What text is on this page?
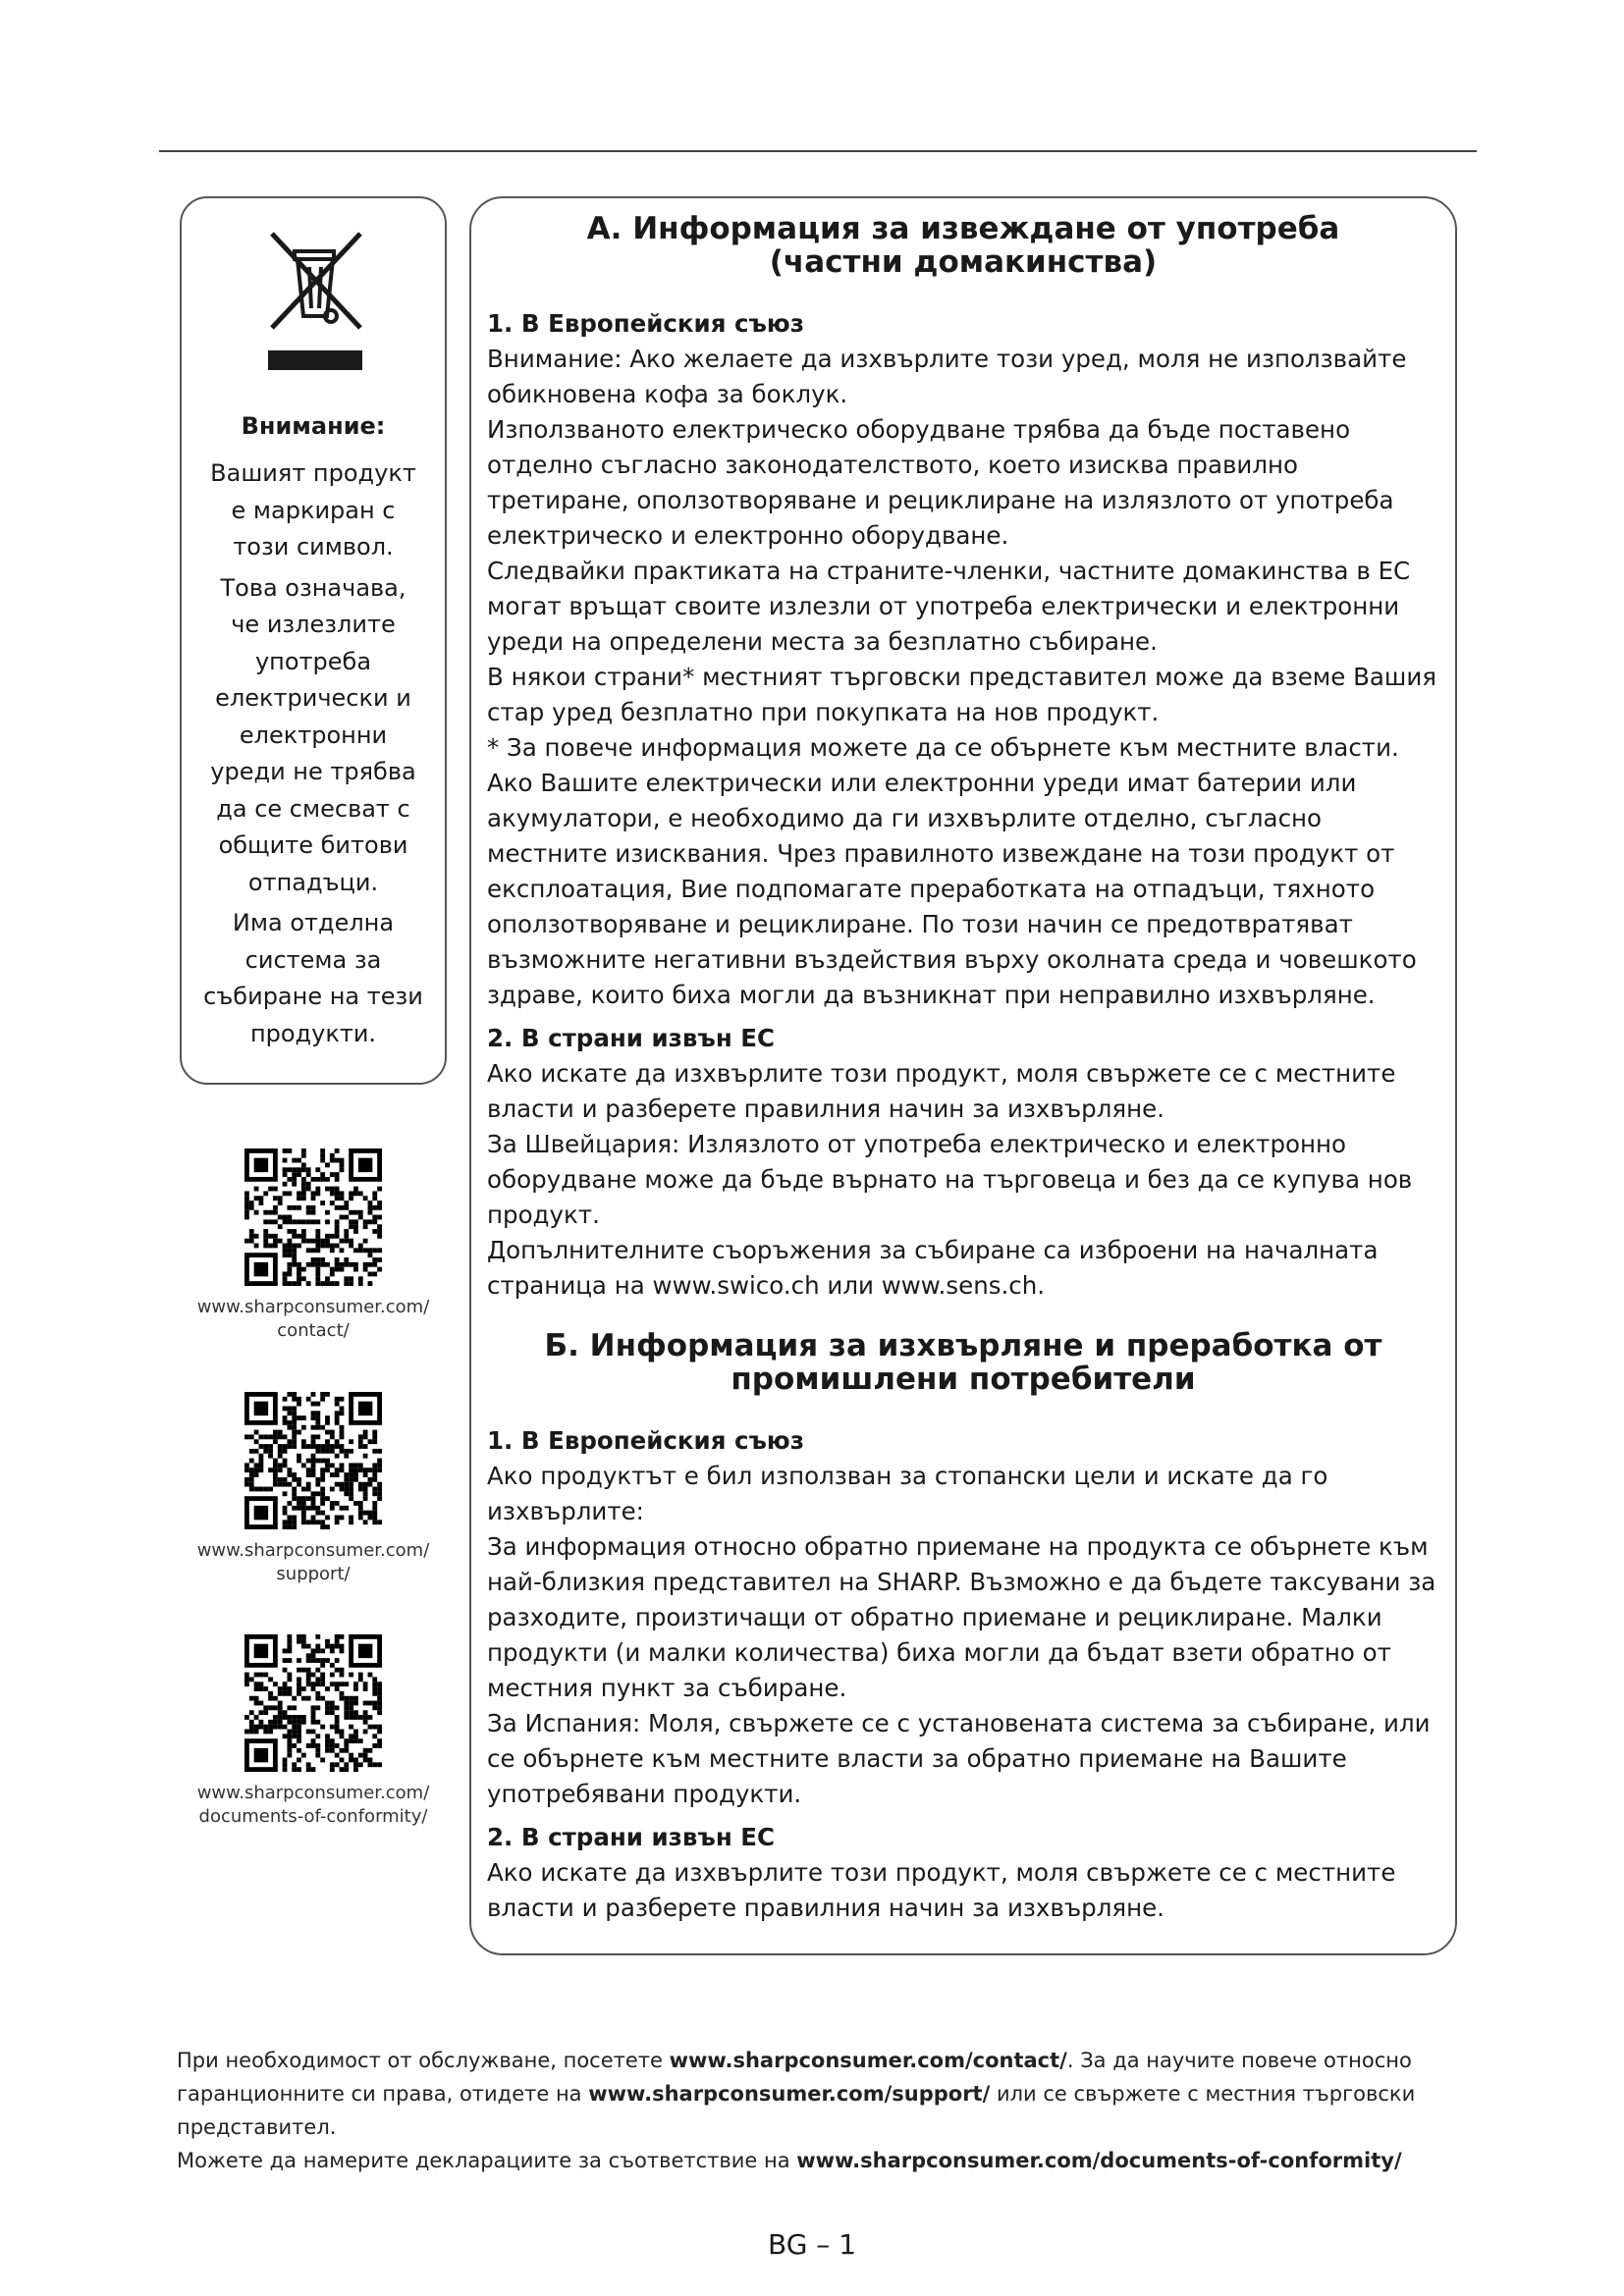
Внимание:

Вашият продукт е маркиран с този символ.

Това означава, че излезлите употреба електрически и електронни уреди не трябва да се смесват с общите битови отпадъци.

Има отделна система за събиране на тези продукти.

www.sharpconsumer.com/
contact/
www.sharpconsumer.com/
support/
www.sharpconsumer.com/
documents-of-conformity/
А. Информация за извеждане от употреба
(частни домакинства)

1. В Европейския съюз

Внимание: Ако желаете да изхвърлите този уред, моля не използвайте обикновена кофа за боклук.

Използваното електрическо оборудване трябва да бъде поставено отделно съгласно законодателството, което изисква правилно третиране, оползотворяване и рециклиране на излязлото от употреба електрическо и електронно оборудване.

Следвайки практиката на страните-членки, частните домакинства в ЕС могат връщат своите излезли от употреба електрически и електронни уреди на определени места за безплатно събиране.

В някои страни* местният търговски представител може да вземе Вашия стар уред безплатно при покупката на нов продукт.

* За повече информация можете да се обърнете към местните власти.

Ако Вашите електрически или електронни уреди имат батерии или акумулатори, е необходимо да ги изхвърлите отделно, съгласно местните изисквания. Чрез правилното извеждане на този продукт от експлоатация, Вие подпомагате преработката на отпадъци, тяхното оползотворяване и рециклиране. По този начин се предотвратяват възможните негативни въздействия върху околната среда и човешкото здраве, които биха могли да възникнат при неправилно изхвърляне.

2. В страни извън ЕС

Ако искате да изхвърлите този продукт, моля свържете се с местните власти и разберете правилния начин за изхвърляне.

За Швейцария: Излязлото от употреба електрическо и електронно оборудване може да бъде върнато на търговеца и без да се купува нов продукт.

Допълнителните съоръжения за събиране са изброени на началната страница на www.swico.ch или www.sens.ch.

Б. Информация за изхвърляне и преработка от
промишлени потребители

1. В Европейския съюз

Ако продуктът е бил използван за стопански цели и искате да го изхвърлите:

За информация относно обратно приемане на продукта се обърнете към най-близкия представител на SHARP. Възможно е да бъдете таксувани за разходите, произтичащи от обратно приемане и рециклиране. Малки продукти (и малки количества) биха могли да бъдат взети обратно от местния пункт за събиране.

За Испания: Моля, свържете се с установената система за събиране, или се обърнете към местните власти за обратно приемане на Вашите употребявани продукти.

2. В страни извън ЕС

Ако искате да изхвърлите този продукт, моля свържете се с местните власти и разберете правилния начин за изхвърляне.

При необходимост от обслужване, посетете www.sharpconsumer.com/contact/. За да научите повече относно гаранционните си права, отидете на www.sharpconsumer.com/support/ или се свържете с местния търговски представител.

Можете да намерите декларациите за съответствие на www.sharpconsumer.com/documents-of-conformity/

BG – 1
